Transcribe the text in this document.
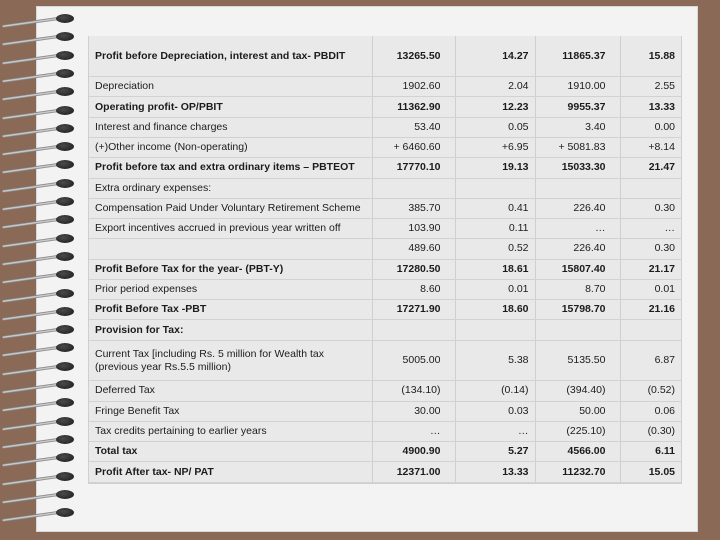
Profit before Depreciation, interest and tax- PBDIT	13265.50	14.27	11865.37	15.88
Depreciation	1902.60	2.04	1910.00	2.55
Operating profit- OP/PBIT	11362.90	12.23	9955.37	13.33
Interest and finance charges	53.40	0.05	3.40	0.00
(+)Other income (Non-operating)	+ 6460.60	+6.95	+ 5081.83	+8.14
Profit before tax and extra ordinary items – PBTEOT	17770.10	19.13	15033.30	21.47
Extra ordinary expenses:				
Compensation Paid Under Voluntary Retirement Scheme	385.70	0.41	226.40	0.30
Export incentives accrued in previous year written off	103.90	0.11	…	…
	489.60	0.52	226.40	0.30
Profit Before Tax for the year- (PBT-Y)	17280.50	18.61	15807.40	21.17
Prior period expenses	8.60	0.01	8.70	0.01
Profit Before Tax -PBT	17271.90	18.60	15798.70	21.16
Provision for Tax:				
Current Tax [including Rs. 5 million for Wealth tax (previous year Rs.5.5 million)	5005.00	5.38	5135.50	6.87
Deferred Tax	(134.10)	(0.14)	(394.40)	(0.52)
Fringe Benefit Tax	30.00	0.03	50.00	0.06
Tax credits pertaining to earlier years	…	…	(225.10)	(0.30)
Total tax	4900.90	5.27	4566.00	6.11
Profit After tax- NP/ PAT	12371.00	13.33	11232.70	15.05
